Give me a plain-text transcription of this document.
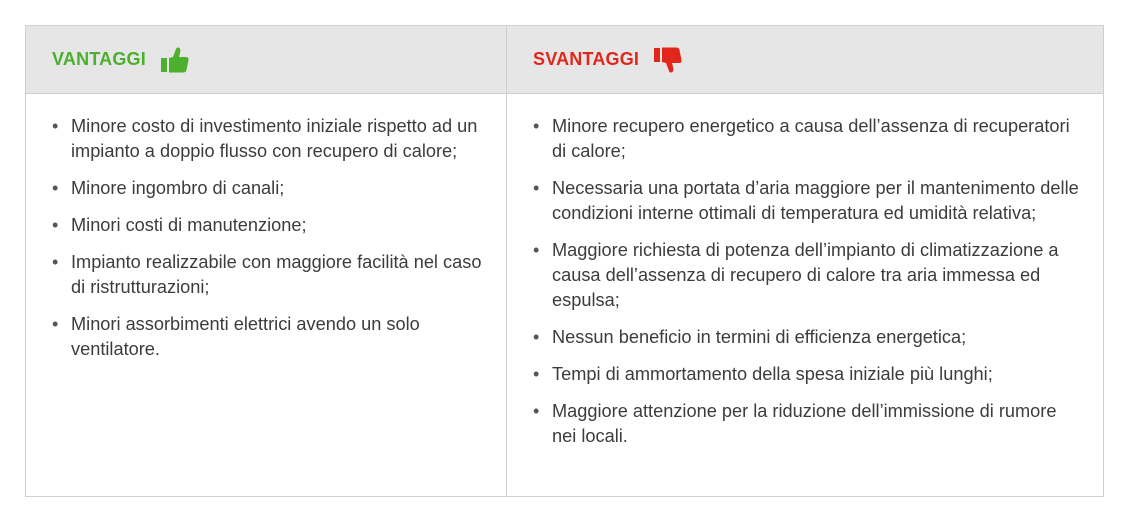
VANTAGGI
• Minore costo di investimento iniziale rispetto ad un impianto a doppio flusso con recupero di calore;
• Minore ingombro di canali;
• Minori costi di manutenzione;
• Impianto realizzabile con maggiore facilità nel caso di ristrutturazioni;
• Minori assorbimenti elettrici avendo un solo ventilatore.
SVANTAGGI
• Minore recupero energetico a causa dell’assenza di recuperatori di calore;
• Necessaria una portata d’aria maggiore per il mantenimento delle condizioni interne ottimali di temperatura ed umidità relativa;
• Maggiore richiesta di potenza dell’impianto di climatizzazione a causa dell’assenza di recupero di calore tra aria immessa ed espulsa;
• Nessun beneficio in termini di efficienza energetica;
• Tempi di ammortamento della spesa iniziale più lunghi;
• Maggiore attenzione per la riduzione dell’immissione di rumore nei locali.
